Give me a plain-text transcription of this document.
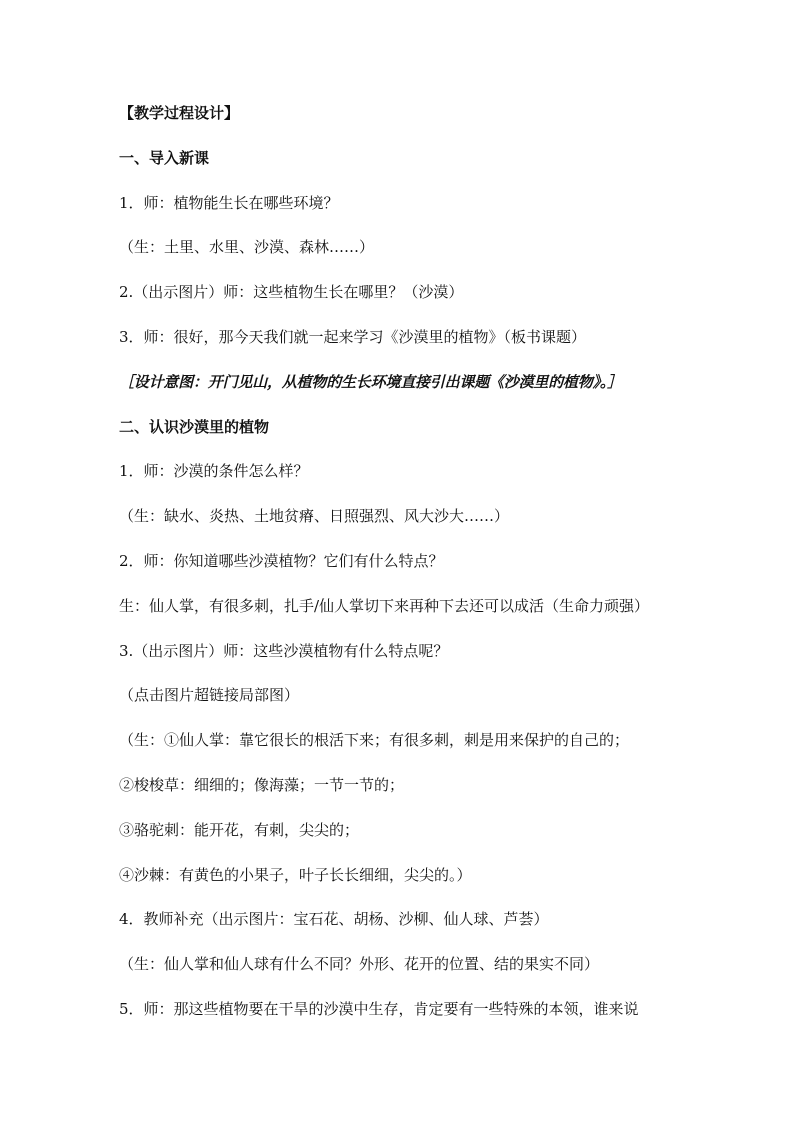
【教学过程设计】
一、导入新课
1．师：植物能生长在哪些环境？
（生：土里、水里、沙漠、森林……）
2.（出示图片）师：这些植物生长在哪里？（沙漠）
3．师：很好，那今天我们就一起来学习《沙漠里的植物》（板书课题）
［设计意图：开门见山，从植物的生长环境直接引出课题《沙漠里的植物》。］
二、认识沙漠里的植物
1．师：沙漠的条件怎么样？
（生：缺水、炎热、土地贫瘠、日照强烈、风大沙大……）
2．师：你知道哪些沙漠植物？它们有什么特点？
生：仙人掌，有很多刺，扎手/仙人掌切下来再种下去还可以成活（生命力顽强）
3.（出示图片）师：这些沙漠植物有什么特点呢？
（点击图片超链接局部图）
（生：①仙人掌：靠它很长的根活下来；有很多刺，刺是用来保护的自己的；
②梭梭草：细细的；像海藻；一节一节的；
③骆驼刺：能开花，有刺，尖尖的；
④沙棘：有黄色的小果子，叶子长长细细，尖尖的。）
4．教师补充（出示图片：宝石花、胡杨、沙柳、仙人球、芦荟）
（生：仙人掌和仙人球有什么不同？外形、花开的位置、结的果实不同）
5．师：那这些植物要在干旱的沙漠中生存，肯定要有一些特殊的本领，谁来说
